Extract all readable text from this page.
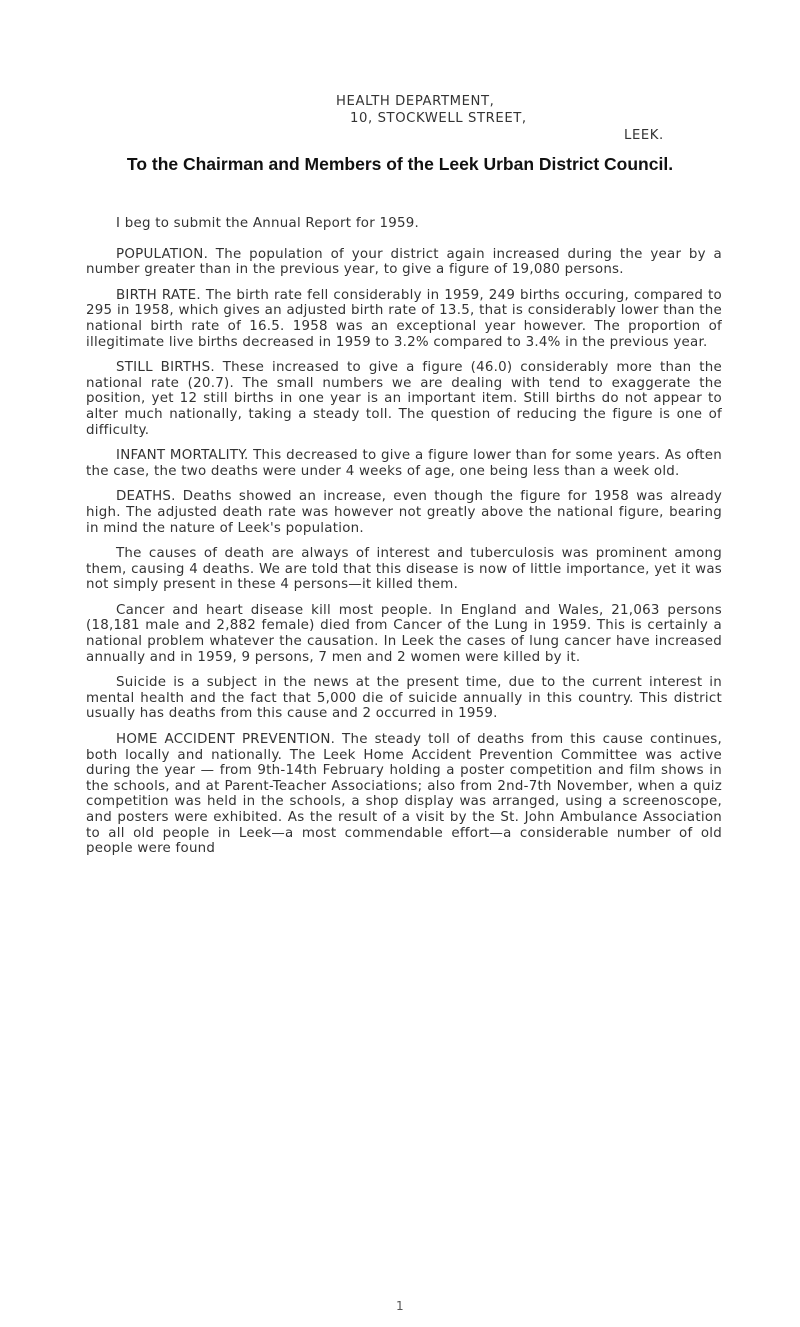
HEALTH DEPARTMENT,
10, STOCKWELL STREET,
LEEK.
To the Chairman and Members of the Leek Urban District Council.

I beg to submit the Annual Report for 1959.

POPULATION. The population of your district again increased during the year by a number greater than in the previous year, to give a figure of 19,080 persons.

BIRTH RATE. The birth rate fell considerably in 1959, 249 births occuring, compared to 295 in 1958, which gives an adjusted birth rate of 13.5, that is considerably lower than the national birth rate of 16.5. 1958 was an exceptional year however. The proportion of illegitimate live births decreased in 1959 to 3.2% compared to 3.4% in the previous year.

STILL BIRTHS. These increased to give a figure (46.0) considerably more than the national rate (20.7). The small numbers we are dealing with tend to exaggerate the position, yet 12 still births in one year is an important item. Still births do not appear to alter much nationally, taking a steady toll. The question of reducing the figure is one of difficulty.

INFANT MORTALITY. This decreased to give a figure lower than for some years. As often the case, the two deaths were under 4 weeks of age, one being less than a week old.

DEATHS. Deaths showed an increase, even though the figure for 1958 was already high. The adjusted death rate was however not greatly above the national figure, bearing in mind the nature of Leek's population.

The causes of death are always of interest and tuberculosis was prominent among them, causing 4 deaths. We are told that this disease is now of little importance, yet it was not simply present in these 4 persons—it killed them.

Cancer and heart disease kill most people. In England and Wales, 21,063 persons (18,181 male and 2,882 female) died from Cancer of the Lung in 1959. This is certainly a national problem whatever the causation. In Leek the cases of lung cancer have increased annually and in 1959, 9 persons, 7 men and 2 women were killed by it.

Suicide is a subject in the news at the present time, due to the current interest in mental health and the fact that 5,000 die of suicide annually in this country. This district usually has deaths from this cause and 2 occurred in 1959.

HOME ACCIDENT PREVENTION. The steady toll of deaths from this cause continues, both locally and nationally. The Leek Home Accident Prevention Committee was active during the year — from 9th-14th February holding a poster competition and film shows in the schools, and at Parent-Teacher Associations; also from 2nd-7th November, when a quiz competition was held in the schools, a shop display was arranged, using a screenoscope, and posters were exhibited. As the result of a visit by the St. John Ambulance Association to all old people in Leek—a most commendable effort—a considerable number of old people were found

1
